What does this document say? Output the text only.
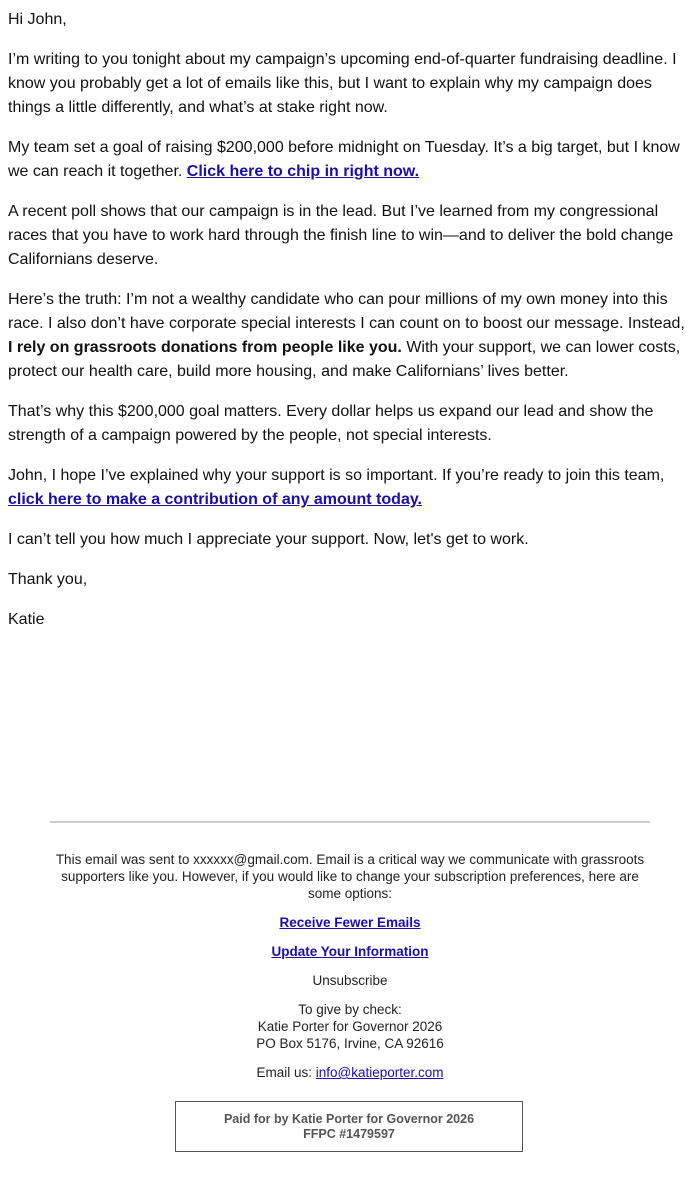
Hi John,

I’m writing to you tonight about my campaign’s upcoming end-of-quarter fundraising deadline. I know you probably get a lot of emails like this, but I want to explain why my campaign does things a little differently, and what’s at stake right now.

My team set a goal of raising $200,000 before midnight on Tuesday. It’s a big target, but I know we can reach it together. Click here to chip in right now.

A recent poll shows that our campaign is in the lead. But I’ve learned from my congressional races that you have to work hard through the finish line to win—and to deliver the bold change Californians deserve.

Here’s the truth: I’m not a wealthy candidate who can pour millions of my own money into this race. I also don’t have corporate special interests I can count on to boost our message. Instead, I rely on grassroots donations from people like you. With your support, we can lower costs, protect our health care, build more housing, and make Californians’ lives better.

That’s why this $200,000 goal matters. Every dollar helps us expand our lead and show the strength of a campaign powered by the people, not special interests.

John, I hope I’ve explained why your support is so important. If you’re ready to join this team, click here to make a contribution of any amount today.

I can’t tell you how much I appreciate your support. Now, let's get to work.

Thank you,

Katie

This email was sent to xxxxxx@gmail.com. Email is a critical way we communicate with grassroots supporters like you. However, if you would like to change your subscription preferences, here are some options:

Receive Fewer Emails

Update Your Information

Unsubscribe

To give by check:
Katie Porter for Governor 2026
PO Box 5176, Irvine, CA 92616

Email us: info@katieporter.com

Paid for by Katie Porter for Governor 2026
FFPC #1479597
